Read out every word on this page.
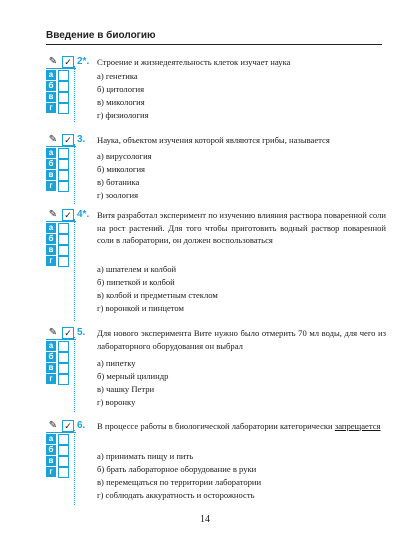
Введение в биологию
✎ ✓
а
б
в
г
2*. Строение и жизнедеятельность клеток изучает наука
а) генетика
б) цитология
в) микология
г) физиология
✎ ✓
а
б
в
г
3. Наука, объектом изучения которой являются грибы, называется
а) вирусология
б) микология
в) ботаника
г) зоология
✎ ✓
а
б
в
г
4*. Витя разработал эксперимент по изучению влияния раствора поваренной соли на рост растений. Для того чтобы приготовить водный раствор поваренной соли в лаборатории, он должен воспользоваться
а) шпателем и колбой
б) пипеткой и колбой
в) колбой и предметным стеклом
г) воронкой и пинцетом
✎ ✓
а
б
в
г
5. Для нового эксперимента Вите нужно было отмерить 70 мл воды, для чего из лабораторного оборудования он выбрал
а) пипетку
б) мерный цилиндр
в) чашку Петри
г) воронку
✎ ✓
а
б
в
г
6. В процессе работы в биологической лаборатории категорически запрещается
а) принимать пищу и пить
б) брать лабораторное оборудование в руки
в) перемещаться по территории лаборатории
г) соблюдать аккуратность и осторожность
14
